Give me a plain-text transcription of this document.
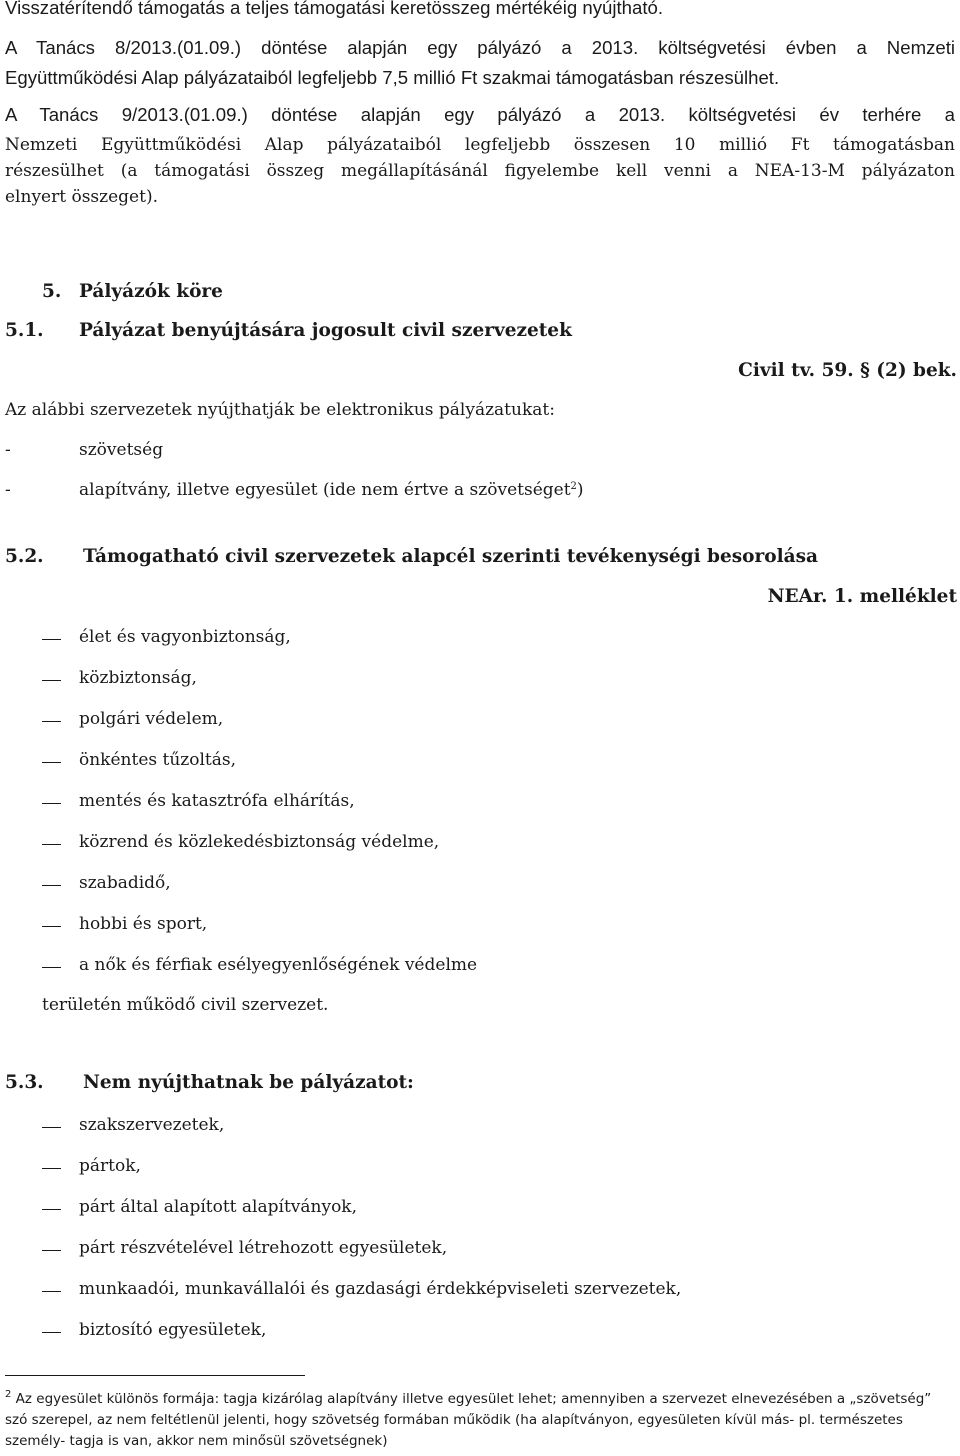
Visszatérítendő támogatás a teljes támogatási keretösszeg mértékéig nyújtható.
A Tanács 8/2013.(01.09.) döntése alapján egy pályázó a 2013. költségvetési évben a Nemzeti
Együttműködési Alap pályázataiból legfeljebb 7,5 millió Ft szakmai támogatásban részesülhet.
A Tanács 9/2013.(01.09.) döntése alapján egy pályázó a 2013. költségvetési év terhére a
Nemzeti Együttműködési Alap pályázataiból legfeljebb összesen 10 millió Ft támogatásban
részesülhet (a támogatási összeg megállapításánál figyelembe kell venni a NEA-13-M pályázaton
elnyert összeget).
5. Pályázók köre
5.1. Pályázat benyújtására jogosult civil szervezetek
Civil tv. 59. § (2) bek.
Az alábbi szervezetek nyújthatják be elektronikus pályázatukat:
-	szövetség
-	alapítvány, illetve egyesület (ide nem értve a szövetséget$^2$)
5.2. Támogatható civil szervezetek alapcél szerinti tevékenységi besorolása
NEAr. 1. melléklet
élet és vagyonbiztonság,
közbiztonság,
polgári védelem,
önkéntes tűzoltás,
mentés és katasztrófa elhárítás,
közrend és közlekedésbiztonság védelme,
szabadidő,
hobbi és sport,
a nők és férfiak esélyegyenlőségének védelme
területén működő civil szervezet.
5.3. Nem nyújthatnak be pályázatot:
szakszervezetek,
pártok,
párt által alapított alapítványok,
párt részvételével létrehozott egyesületek,
munkaadói, munkavállalói és gazdasági érdekképviseleti szervezetek,
biztosító egyesületek,
$^2$ Az egyesület különös formája: tagja kizárólag alapítvány illetve egyesület lehet; amennyiben a szervezet elnevezésében a „szövetség” szó szerepel, az nem feltétlenül jelenti, hogy szövetség formában működik (ha alapítványon, egyesületen kívül más- pl. természetes személy- tagja is van, akkor nem minősül szövetségnek)
